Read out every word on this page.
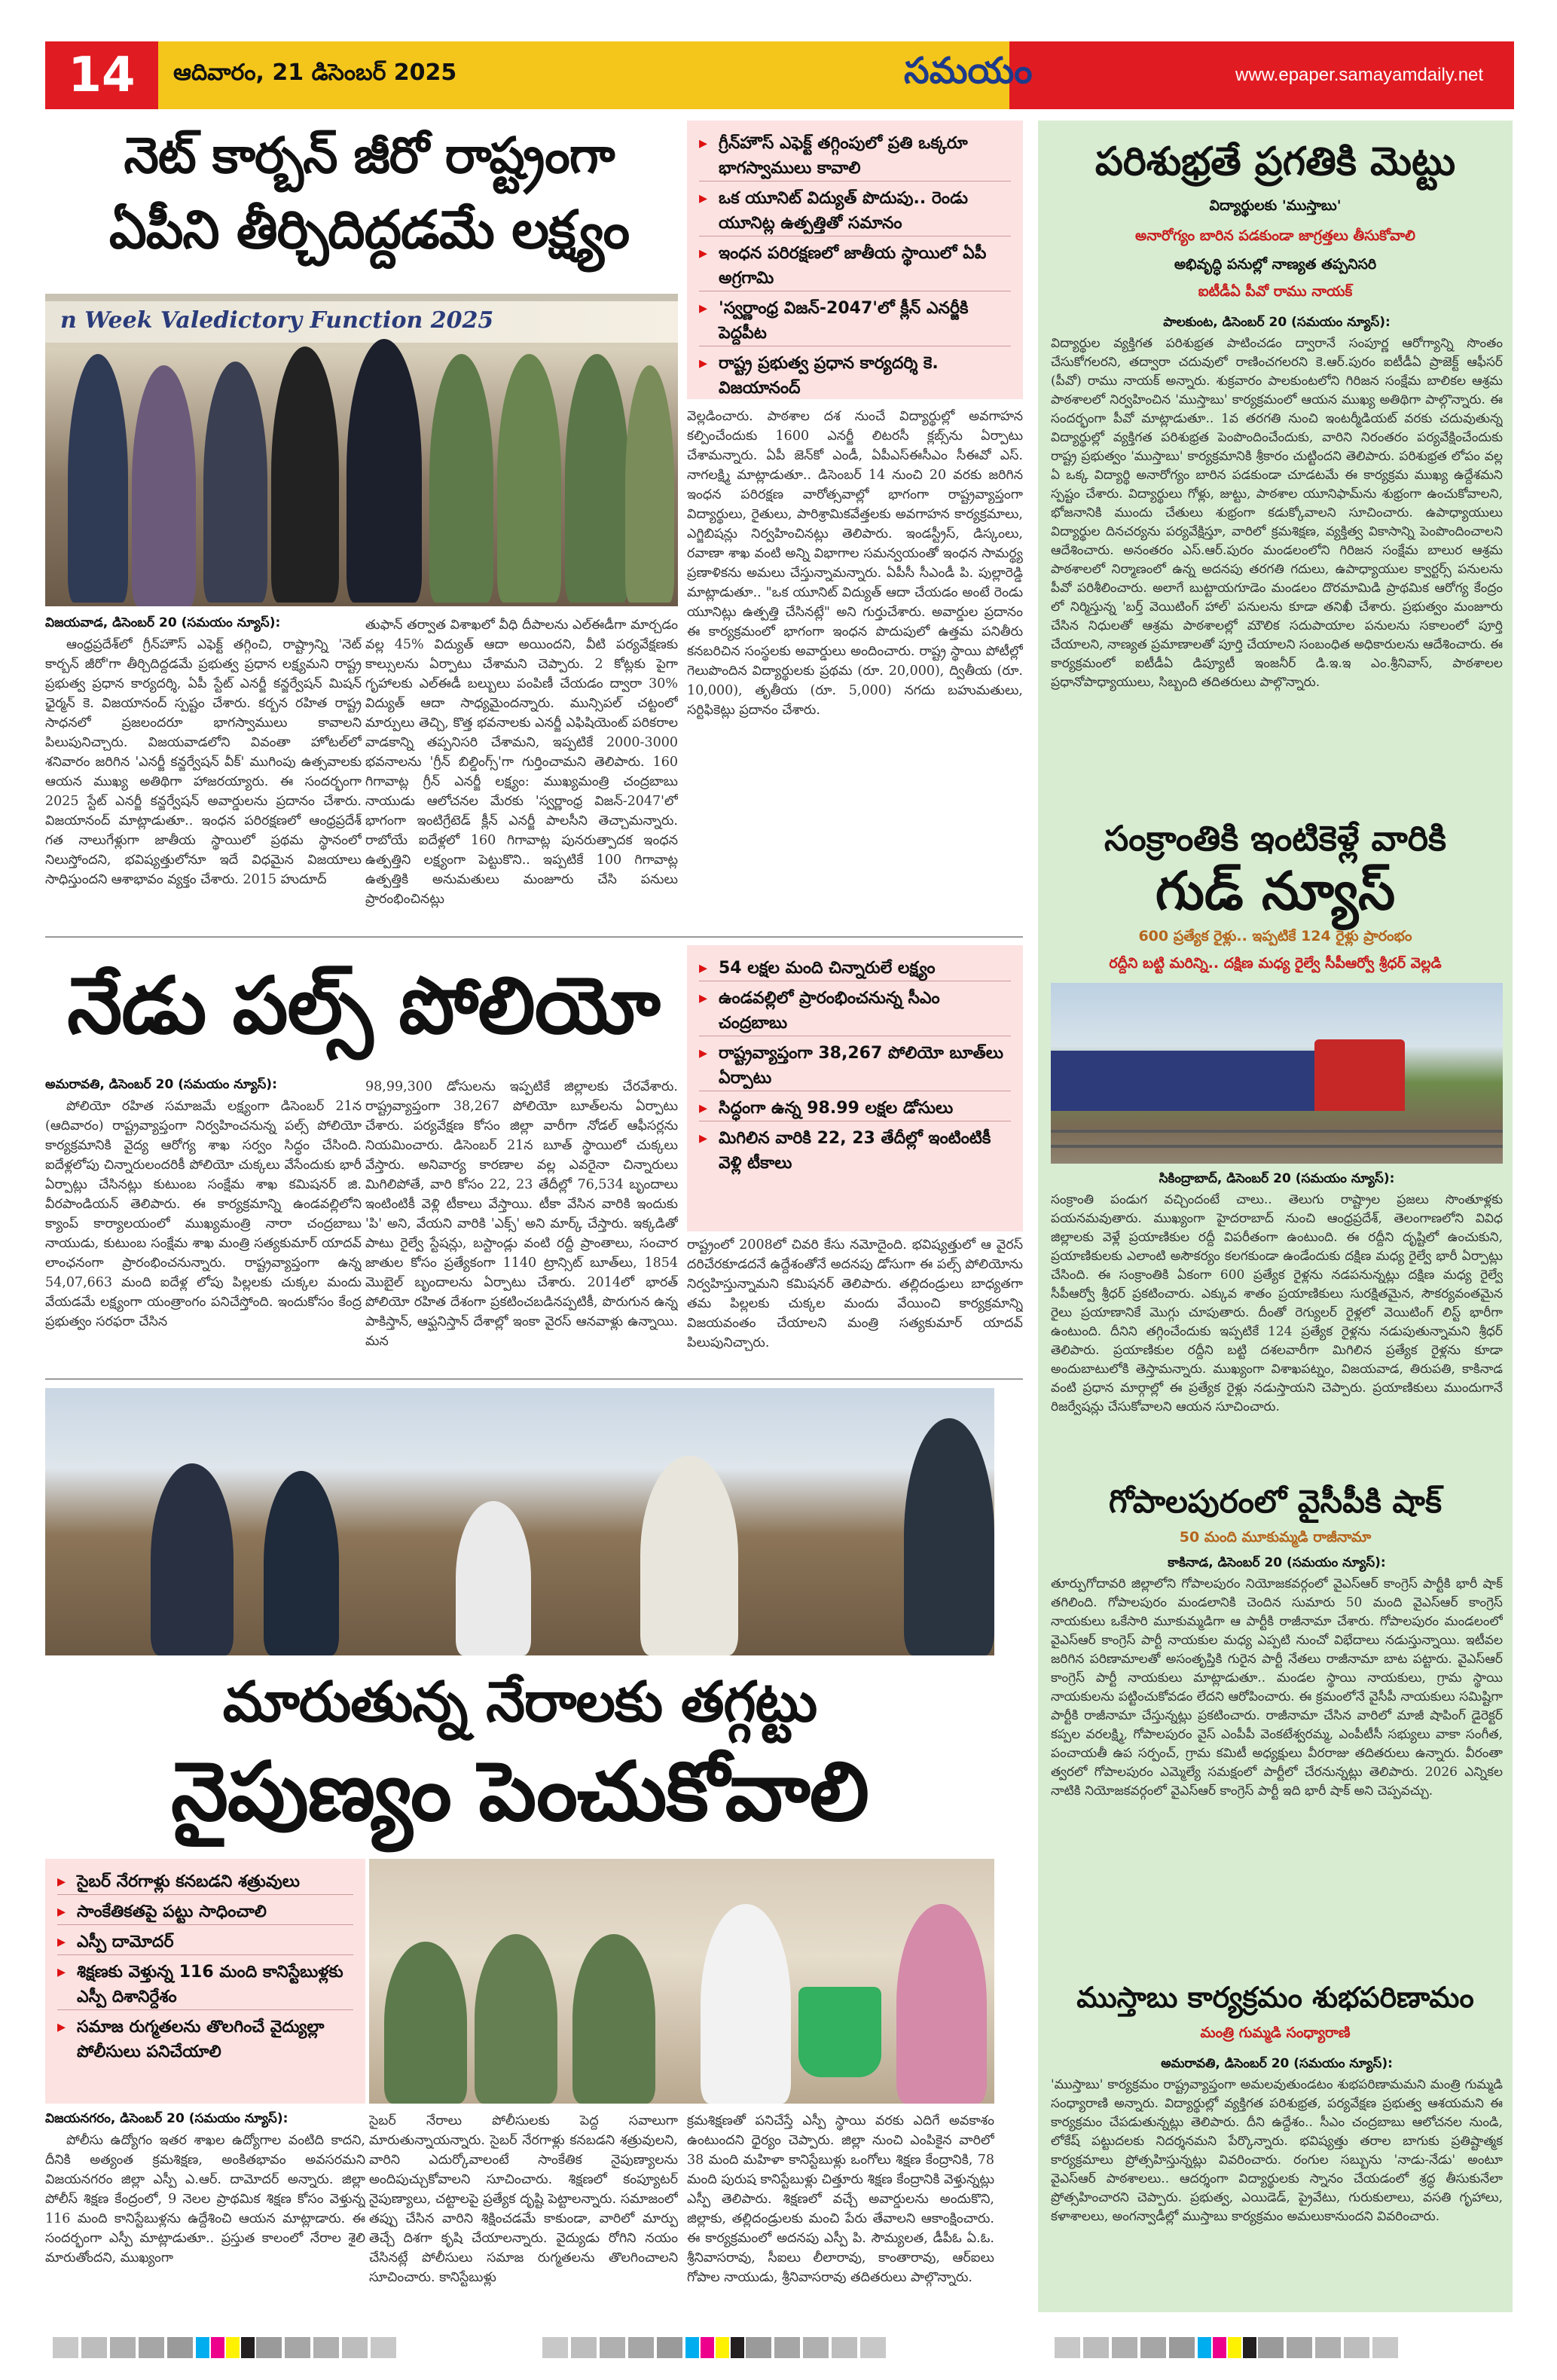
14	ఆదివారం, 21 డిసెంబర్ 2025	సమయం	www.epaper.samayamdaily.net
నెట్ కార్బన్ జీరో రాష్ట్రంగా
ఏపీని తీర్చిదిద్దడమే లక్ష్యం
n Week Valedictory Function 2025
▸ గ్రీన్‌హౌస్ ఎఫెక్ట్ తగ్గింపులో ప్రతి ఒక్కరూ భాగస్వాములు కావాలి
▸ ఒక యూనిట్ విద్యుత్ పొదుపు.. రెండు యూనిట్ల ఉత్పత్తితో సమానం
▸ ఇంధన పరిరక్షణలో జాతీయ స్థాయిలో ఏపీ అగ్రగామి
▸ 'స్వర్ణాంధ్ర విజన్-2047'లో క్లీన్ ఎనర్జీకి పెద్దపీట
▸ రాష్ట్ర ప్రభుత్వ ప్రధాన కార్యదర్శి కె. విజయానంద్
వెల్లడించారు. పాఠశాల దశ నుంచే విద్యార్థుల్లో అవగాహన కల్పించేందుకు 1600 ఎనర్జీ లిటరసీ క్లబ్స్‌ను ఏర్పాటు చేశామన్నారు. ఏపీ జెన్‌కో ఎండీ, ఏపీఎస్ఈసీఎం సీఈవో ఎస్. నాగలక్ష్మి మాట్లాడుతూ.. డిసెంబర్ 14 నుంచి 20 వరకు జరిగిన ఇంధన పరిరక్షణ వారోత్సవాల్లో భాగంగా రాష్ట్రవ్యాప్తంగా విద్యార్థులు, రైతులు, పారిశ్రామికవేత్తలకు అవగాహన కార్యక్రమాలు, ఎగ్జిబిషన్లు నిర్వహించినట్లు తెలిపారు. ఇండస్ట్రీస్, డిస్కంలు, రవాణా శాఖ వంటి అన్ని విభాగాల సమన్వయంతో ఇంధన సామర్థ్య ప్రణాళికను అమలు చేస్తున్నామన్నారు. ఏపీసీ సీఎండీ పి. పుల్లారెడ్డి మాట్లాడుతూ.. "ఒక యూనిట్ విద్యుత్ ఆదా చేయడం అంటే రెండు యూనిట్లు ఉత్పత్తి చేసినట్లే" అని గుర్తుచేశారు. అవార్డుల ప్రదానం ఈ కార్యక్రమంలో భాగంగా ఇంధన పొదుపులో ఉత్తమ పనితీరు కనబరిచిన సంస్థలకు అవార్డులు అందించారు. రాష్ట్ర స్థాయి పోటీల్లో గెలుపొందిన విద్యార్థులకు ప్రథమ (రూ. 20,000), ద్వితీయ (రూ. 10,000), తృతీయ (రూ. 5,000) నగదు బహుమతులు, సర్టిఫికెట్లు ప్రదానం చేశారు.
విజయవాడ, డిసెంబర్ 20 (సమయం న్యూస్):
ఆంధ్రప్రదేశ్‌లో గ్రీన్‌హౌస్ ఎఫెక్ట్ తగ్గించి, రాష్ట్రాన్ని 'నెట్ కార్బన్ జీరో'గా తీర్చిదిద్దడమే ప్రభుత్వ ప్రధాన లక్ష్యమని రాష్ట్ర ప్రభుత్వ ప్రధాన కార్యదర్శి, ఏపీ స్టేట్ ఎనర్జీ కన్జర్వేషన్ మిషన్ ఛైర్మన్ కె. విజయానంద్ స్పష్టం చేశారు. కర్బన రహిత రాష్ట్ర సాధనలో ప్రజలందరూ భాగస్వాములు కావాలని పిలుపునిచ్చారు. విజయవాడలోని వివంతా హోటల్‌లో శనివారం జరిగిన 'ఎనర్జీ కన్జర్వేషన్ వీక్' ముగింపు ఉత్సవాలకు ఆయన ముఖ్య అతిథిగా హాజరయ్యారు. ఈ సందర్భంగా 2025 స్టేట్ ఎనర్జీ కన్జర్వేషన్ అవార్డులను ప్రదానం చేశారు. విజయానంద్ మాట్లాడుతూ.. ఇంధన పరిరక్షణలో ఆంధ్రప్రదేశ్ గత నాలుగేళ్లుగా జాతీయ స్థాయిలో ప్రథమ స్థానంలో నిలుస్తోందని, భవిష్యత్తులోనూ ఇదే విధమైన విజయాలు సాధిస్తుందని ఆశాభావం వ్యక్తం చేశారు. 2015 హుదూద్
తుఫాన్ తర్వాత విశాఖలో వీధి దీపాలను ఎల్ఈడీగా మార్చడం వల్ల 45% విద్యుత్ ఆదా అయిందని, వీటి పర్యవేక్షణకు కాల్సులను ఏర్పాటు చేశామని చెప్పారు. 2 కోట్లకు పైగా గృహాలకు ఎల్ఈడీ బల్బులు పంపిణీ చేయడం ద్వారా 30% విద్యుత్ ఆదా సాధ్యమైందన్నారు. మున్సిపల్ చట్టంలో మార్పులు తెచ్చి, కొత్త భవనాలకు ఎనర్జీ ఎఫిషియెంట్ పరికరాల వాడకాన్ని తప్పనిసరి చేశామని, ఇప్పటికే 2000-3000 భవనాలను 'గ్రీన్ బిల్డింగ్స్'గా గుర్తించామని తెలిపారు. 160 గిగావాట్ల గ్రీన్ ఎనర్జీ లక్ష్యం: ముఖ్యమంత్రి చంద్రబాబు నాయుడు ఆలోచనల మేరకు 'స్వర్ణాంధ్ర విజన్-2047'లో భాగంగా ఇంటిగ్రేటెడ్ క్లీన్ ఎనర్జీ పాలసీని తెచ్చామన్నారు. రాబోయే ఐదేళ్లలో 160 గిగావాట్ల పునరుత్పాదక ఇంధన ఉత్పత్తిని లక్ష్యంగా పెట్టుకొని.. ఇప్పటికే 100 గిగావాట్ల ఉత్పత్తికి అనుమతులు మంజూరు చేసి పనులు ప్రారంభించినట్లు
నేడు పల్స్ పోలియో
▸	54 లక్షల మంది చిన్నారులే లక్ష్యం
▸ ఉండవల్లిలో ప్రారంభించనున్న సీఎం చంద్రబాబు
▸ రాష్ట్రవ్యాప్తంగా 38,267 పోలియో బూత్‌లు ఏర్పాటు
▸ సిద్ధంగా ఉన్న 98.99 లక్షల డోసులు
▸ మిగిలిన వారికి 22, 23 తేదీల్లో ఇంటింటికీ వెళ్లి టీకాలు
అమరావతి, డిసెంబర్ 20 (సమయం న్యూస్):
పోలియో రహిత సమాజమే లక్ష్యంగా డిసెంబర్ 21న (ఆదివారం) రాష్ట్రవ్యాప్తంగా నిర్వహించనున్న పల్స్ పోలియో కార్యక్రమానికి వైద్య ఆరోగ్య శాఖ సర్వం సిద్ధం చేసింది. ఐదేళ్లలోపు చిన్నారులందరికీ పోలియో చుక్కలు వేసేందుకు భారీ ఏర్పాట్లు చేసినట్లు కుటుంబ సంక్షేమ శాఖ కమిషనర్ జి. వీరపాండియన్ తెలిపారు. ఈ కార్యక్రమాన్ని ఉండవల్లిలోని క్యాంప్ కార్యాలయంలో ముఖ్యమంత్రి నారా చంద్రబాబు నాయుడు, కుటుంబ సంక్షేమ శాఖ మంత్రి సత్యకుమార్ యాదవ్ లాంఛనంగా ప్రారంభించనున్నారు. రాష్ట్రవ్యాప్తంగా ఉన్న 54,07,663 మంది ఐదేళ్ల లోపు పిల్లలకు చుక్కల మందు వేయడమే లక్ష్యంగా యంత్రాంగం పనిచేస్తోంది. ఇందుకోసం కేంద్ర ప్రభుత్వం సరఫరా చేసిన
98,99,300 డోసులను ఇప్పటికే జిల్లాలకు చేరవేశారు. రాష్ట్రవ్యాప్తంగా 38,267 పోలియో బూత్‌లను ఏర్పాటు చేశారు. పర్యవేక్షణ కోసం జిల్లా వారీగా నోడల్ ఆఫీసర్లను నియమించారు. డిసెంబర్ 21న బూత్ స్థాయిలో చుక్కలు వేస్తారు. అనివార్య కారణాల వల్ల ఎవరైనా చిన్నారులు మిగిలిపోతే, వారి కోసం 22, 23 తేదీల్లో 76,534 బృందాలు ఇంటింటికీ వెళ్లి టీకాలు వేస్తాయి. టీకా వేసిన వారికి ఇందుకు 'పి' అని, వేయని వారికి 'ఎక్స్' అని మార్క్ చేస్తారు. ఇక్కడితో పాటు రైల్వే స్టేషన్లు, బస్టాండ్లు వంటి రద్దీ ప్రాంతాలు, సంచార జాతుల కోసం ప్రత్యేకంగా 1140 ట్రాన్సిట్ బూత్‌లు, 1854 మొబైల్ బృందాలను ఏర్పాటు చేశారు. 2014లో భారత్ పోలియో రహిత దేశంగా ప్రకటించబడినప్పటికీ, పొరుగున ఉన్న పాకిస్తాన్, ఆఫ్ఘనిస్తాన్ దేశాల్లో ఇంకా వైరస్ ఆనవాళ్లు ఉన్నాయి. మన
రాష్ట్రంలో 2008లో చివరి కేసు నమోదైంది. భవిష్యత్తులో ఆ వైరస్ దరిచేరకూడదనే ఉద్దేశంతోనే అదనపు డోసుగా ఈ పల్స్ పోలియోను నిర్వహిస్తున్నామని కమిషనర్ తెలిపారు. తల్లిదండ్రులు బాధ్యతగా తమ పిల్లలకు చుక్కల మందు వేయించి కార్యక్రమాన్ని విజయవంతం చేయాలని మంత్రి సత్యకుమార్ యాదవ్ పిలుపునిచ్చారు.
మారుతున్న నేరాలకు తగ్గట్టు
నైపుణ్యం పెంచుకోవాలి
▸ సైబర్ నేరగాళ్లు కనబడని శత్రువులు
▸ సాంకేతికతపై పట్టు సాధించాలి
▸ ఎస్పీ దామోదర్
▸ శిక్షణకు వెళ్తున్న 116 మంది కానిస్టేబుళ్లకు ఎస్పీ దిశానిర్దేశం
▸ సమాజ రుగ్మతలను తొలగించే వైద్యుల్లా పోలీసులు పనిచేయాలి
విజయనగరం, డిసెంబర్ 20 (సమయం న్యూస్):
పోలీసు ఉద్యోగం ఇతర శాఖల ఉద్యోగాల వంటిది కాదని, దీనికి అత్యంత క్రమశిక్షణ, అంకితభావం అవసరమని విజయనగరం జిల్లా ఎస్పీ ఎ.ఆర్. దామోదర్ అన్నారు. జిల్లా పోలీస్ శిక్షణ కేంద్రంలో, 9 నెలల ప్రాథమిక శిక్షణ కోసం వెళ్తున్న 116 మంది కానిస్టేబుళ్లను ఉద్దేశించి ఆయన మాట్లాడారు. ఈ సందర్భంగా ఎస్పీ మాట్లాడుతూ.. ప్రస్తుత కాలంలో నేరాల శైలి మారుతోందని, ముఖ్యంగా
సైబర్ నేరాలు పోలీసులకు పెద్ద సవాలుగా మారుతున్నాయన్నారు. సైబర్ నేరగాళ్లు కనబడని శత్రువులని, వారిని ఎదుర్కోవాలంటే సాంకేతిక నైపుణ్యాలను అందిపుచ్చుకోవాలని సూచించారు. శిక్షణలో కంప్యూటర్ నైపుణ్యాలు, చట్టాలపై ప్రత్యేక దృష్టి పెట్టాలన్నారు. సమాజంలో తప్పు చేసిన వారిని శిక్షించడమే కాకుండా, వారిలో మార్పు తెచ్చే దిశగా కృషి చేయాలన్నారు. వైద్యుడు రోగిని నయం చేసినట్లే పోలీసులు సమాజ రుగ్మతలను తొలగించాలని సూచించారు. కానిస్టేబుళ్లు
క్రమశిక్షణతో పనిచేస్తే ఎస్పీ స్థాయి వరకు ఎదిగే అవకాశం ఉంటుందని ధైర్యం చెప్పారు. జిల్లా నుంచి ఎంపికైన వారిలో 38 మంది మహిళా కానిస్టేబుళ్లు ఒంగోలు శిక్షణ కేంద్రానికి, 78 మంది పురుష కానిస్టేబుళ్లు చిత్తూరు శిక్షణ కేంద్రానికి వెళ్తున్నట్లు ఎస్పీ తెలిపారు. శిక్షణలో వచ్చే అవార్డులను అందుకొని, జిల్లాకు, తల్లిదండ్రులకు మంచి పేరు తేవాలని ఆకాంక్షించారు. ఈ కార్యక్రమంలో అదనపు ఎస్పీ పి. సౌమ్యలత, డీపీఓ ఏ.ఓ. శ్రీనివాసరావు, సీఐలు లీలారావు, కాంతారావు, ఆర్ఐలు గోపాల నాయుడు, శ్రీనివాసరావు తదితరులు పాల్గొన్నారు.
పరిశుభ్రతే ప్రగతికి మెట్టు
విద్యార్థులకు 'ముస్తాబు'
అనారోగ్యం బారిన పడకుండా జాగ్రత్తలు తీసుకోవాలి
అభివృద్ధి పనుల్లో నాణ్యత తప్పనిసరి
ఐటీడీఏ పీవో రాము నాయక్
పాలకుంట, డిసెంబర్ 20 (సమయం న్యూస్):
విద్యార్థుల వ్యక్తిగత పరిశుభ్రత పాటించడం ద్వారానే సంపూర్ణ ఆరోగ్యాన్ని సొంతం చేసుకోగలరని, తద్వారా చదువులో రాణించగలరని కె.ఆర్.పురం ఐటీడీఏ ప్రాజెక్ట్ ఆఫీసర్ (పీవో) రాము నాయక్ అన్నారు. శుక్రవారం పాలకుంటలోని గిరిజన సంక్షేమ బాలికల ఆశ్రమ పాఠశాలలో నిర్వహించిన 'ముస్తాబు' కార్యక్రమంలో ఆయన ముఖ్య అతిథిగా పాల్గొన్నారు. ఈ సందర్భంగా పీవో మాట్లాడుతూ.. 1వ తరగతి నుంచి ఇంటర్మీడియట్ వరకు చదువుతున్న విద్యార్థుల్లో వ్యక్తిగత పరిశుభ్రత పెంపొందించేందుకు, వారిని నిరంతరం పర్యవేక్షించేందుకు రాష్ట్ర ప్రభుత్వం 'ముస్తాబు' కార్యక్రమానికి శ్రీకారం చుట్టిందని తెలిపారు. పరిశుభ్రత లోపం వల్ల ఏ ఒక్క విద్యార్థి అనారోగ్యం బారిన పడకుండా చూడటమే ఈ కార్యక్రమ ముఖ్య ఉద్దేశమని స్పష్టం చేశారు. విద్యార్థులు గోళ్లు, జుట్టు, పాఠశాల యూనిఫామ్‌ను శుభ్రంగా ఉంచుకోవాలని, భోజనానికి ముందు చేతులు శుభ్రంగా కడుక్కోవాలని సూచించారు. ఉపాధ్యాయులు విద్యార్థుల దినచర్యను పర్యవేక్షిస్తూ, వారిలో క్రమశిక్షణ, వ్యక్తిత్వ వికాసాన్ని పెంపొందించాలని ఆదేశించారు. అనంతరం ఎస్.ఆర్.పురం మండలంలోని గిరిజన సంక్షేమ బాలుర ఆశ్రమ పాఠశాలలో నిర్మాణంలో ఉన్న అదనపు తరగతి గదులు, ఉపాధ్యాయుల క్వార్టర్స్ పనులను పీవో పరిశీలించారు. అలాగే బుట్టాయగూడెం మండలం దొరమామిడి ప్రాథమిక ఆరోగ్య కేంద్రం లో నిర్మిస్తున్న 'బర్త్ వెయిటింగ్ హాల్' పనులను కూడా తనిఖీ చేశారు. ప్రభుత్వం మంజూరు చేసిన నిధులతో ఆశ్రమ పాఠశాలల్లో మౌలిక సదుపాయాల పనులను సకాలంలో పూర్తి చేయాలని, నాణ్యత ప్రమాణాలతో పూర్తి చేయాలని సంబంధిత అధికారులను ఆదేశించారు. ఈ కార్యక్రమంలో ఐటీడీఏ డిప్యూటీ ఇంజనీర్ డి.ఇ.ఇ ఎం.శ్రీనివాస్, పాఠశాలల ప్రధానోపాధ్యాయులు, సిబ్బంది తదితరులు పాల్గొన్నారు.
సంక్రాంతికి ఇంటికెళ్లే వారికి
గుడ్ న్యూస్
600 ప్రత్యేక రైళ్లు.. ఇప్పటికే 124 రైళ్లు ప్రారంభం
రద్దీని బట్టి మరిన్ని.. దక్షిణ మధ్య రైల్వే సీపీఆర్వో శ్రీధర్ వెల్లడి
సికింద్రాబాద్, డిసెంబర్ 20 (సమయం న్యూస్):
సంక్రాంతి పండుగ వచ్చిందంటే చాలు.. తెలుగు రాష్ట్రాల ప్రజలు సొంతూళ్లకు పయనమవుతారు. ముఖ్యంగా హైదరాబాద్ నుంచి ఆంధ్రప్రదేశ్, తెలంగాణలోని వివిధ జిల్లాలకు వెళ్లే ప్రయాణికుల రద్దీ విపరీతంగా ఉంటుంది. ఈ రద్దీని దృష్టిలో ఉంచుకుని, ప్రయాణికులకు ఎలాంటి అసౌకర్యం కలగకుండా ఉండేందుకు దక్షిణ మధ్య రైల్వే భారీ ఏర్పాట్లు చేసింది. ఈ సంక్రాంతికి ఏకంగా 600 ప్రత్యేక రైళ్లను నడపనున్నట్లు దక్షిణ మధ్య రైల్వే సీపీఆర్వో శ్రీధర్ ప్రకటించారు. ఎక్కువ శాతం ప్రయాణికులు సురక్షితమైన, సౌకర్యవంతమైన రైలు ప్రయాణానికే మొగ్గు చూపుతారు. దీంతో రెగ్యులర్ రైళ్లలో వెయిటింగ్ లిస్ట్ భారీగా ఉంటుంది. దీనిని తగ్గించేందుకు ఇప్పటికే 124 ప్రత్యేక రైళ్లను నడుపుతున్నామని శ్రీధర్ తెలిపారు. ప్రయాణికుల రద్దీని బట్టి దశలవారీగా మిగిలిన ప్రత్యేక రైళ్లను కూడా అందుబాటులోకి తెస్తామన్నారు. ముఖ్యంగా విశాఖపట్నం, విజయవాడ, తిరుపతి, కాకినాడ వంటి ప్రధాన మార్గాల్లో ఈ ప్రత్యేక రైళ్లు నడుస్తాయని చెప్పారు. ప్రయాణికులు ముందుగానే రిజర్వేషన్లు చేసుకోవాలని ఆయన సూచించారు.
గోపాలపురంలో వైసీపీకి షాక్
50 మంది మూకుమ్మడి రాజీనామా
కాకినాడ, డిసెంబర్ 20 (సమయం న్యూస్):
తూర్పుగోదావరి జిల్లాలోని గోపాలపురం నియోజకవర్గంలో వైఎస్ఆర్ కాంగ్రెస్ పార్టీకి భారీ షాక్ తగిలింది. గోపాలపురం మండలానికి చెందిన సుమారు 50 మంది వైఎస్ఆర్ కాంగ్రెస్ నాయకులు ఒకేసారి మూకుమ్మడిగా ఆ పార్టీకి రాజీనామా చేశారు. గోపాలపురం మండలంలో వైఎస్ఆర్ కాంగ్రెస్ పార్టీ నాయకుల మధ్య ఎప్పటి నుంచో విభేదాలు నడుస్తున్నాయి. ఇటీవల జరిగిన పరిణామాలతో అసంతృప్తికి గురైన పార్టీ నేతలు రాజీనామా బాట పట్టారు. వైఎస్ఆర్ కాంగ్రెస్ పార్టీ నాయకులు మాట్లాడుతూ.. మండల స్థాయి నాయకులు, గ్రామ స్థాయి నాయకులను పట్టించుకోవడం లేదని ఆరోపించారు. ఈ క్రమంలోనే వైసీపీ నాయకులు సమిష్టిగా పార్టీకి రాజీనామా చేస్తున్నట్లు ప్రకటించారు. రాజీనామా చేసిన వారిలో మాజీ షాపింగ్ డైరెక్టర్ కప్పల వరలక్ష్మి, గోపాలపురం వైస్ ఎంపీపీ వెంకటేశ్వరమ్మ, ఎంపీటీసీ సభ్యులు వాకా సంగీత, పంచాయతీ ఉప సర్పంచ్, గ్రామ కమిటీ అధ్యక్షులు వీరరాజు తదితరులు ఉన్నారు. వీరంతా త్వరలో గోపాలపురం ఎమ్మెల్యే సమక్షంలో పార్టీలో చేరనున్నట్లు తెలిపారు. 2026 ఎన్నికల నాటికి నియోజకవర్గంలో వైఎస్ఆర్ కాంగ్రెస్ పార్టీ ఇది భారీ షాక్ అని చెప్పవచ్చు.
ముస్తాబు కార్యక్రమం శుభపరిణామం
మంత్రి గుమ్మడి సంధ్యారాణి
అమరావతి, డిసెంబర్ 20 (సమయం న్యూస్):
'ముస్తాబు' కార్యక్రమం రాష్ట్రవ్యాప్తంగా అమలవుతుండటం శుభపరిణామమని మంత్రి గుమ్మడి సంధ్యారాణి అన్నారు. విద్యార్థుల్లో వ్యక్తిగత పరిశుభ్రత, పర్యవేక్షణ ప్రభుత్వ ఆశయమని ఈ కార్యక్రమం చేపడుతున్నట్లు తెలిపారు. దీని ఉద్దేశం.. సీఎం చంద్రబాబు ఆలోచనల నుండి, లోకేష్ పట్టుదలకు నిదర్శనమని పేర్కొన్నారు. భవిష్యత్తు తరాల బాగుకు ప్రతిష్టాత్మక కార్యక్రమాలు ప్రోత్సహిస్తున్నట్లు వివరించారు. రంగుల సబ్బును 'నాడు-నేడు' అంటూ వైఎస్ఆర్ పాఠశాలలు.. ఆదర్శంగా విద్యార్థులకు స్నానం చేయడంలో శ్రద్ధ తీసుకునేలా ప్రోత్సహించారని చెప్పారు. ప్రభుత్వ, ఎయిడెడ్, ప్రైవేటు, గురుకులాలు, వసతి గృహాలు, కళాశాలలు, అంగన్వాడీల్లో ముస్తాబు కార్యక్రమం అమలుకానుందని వివరించారు.
